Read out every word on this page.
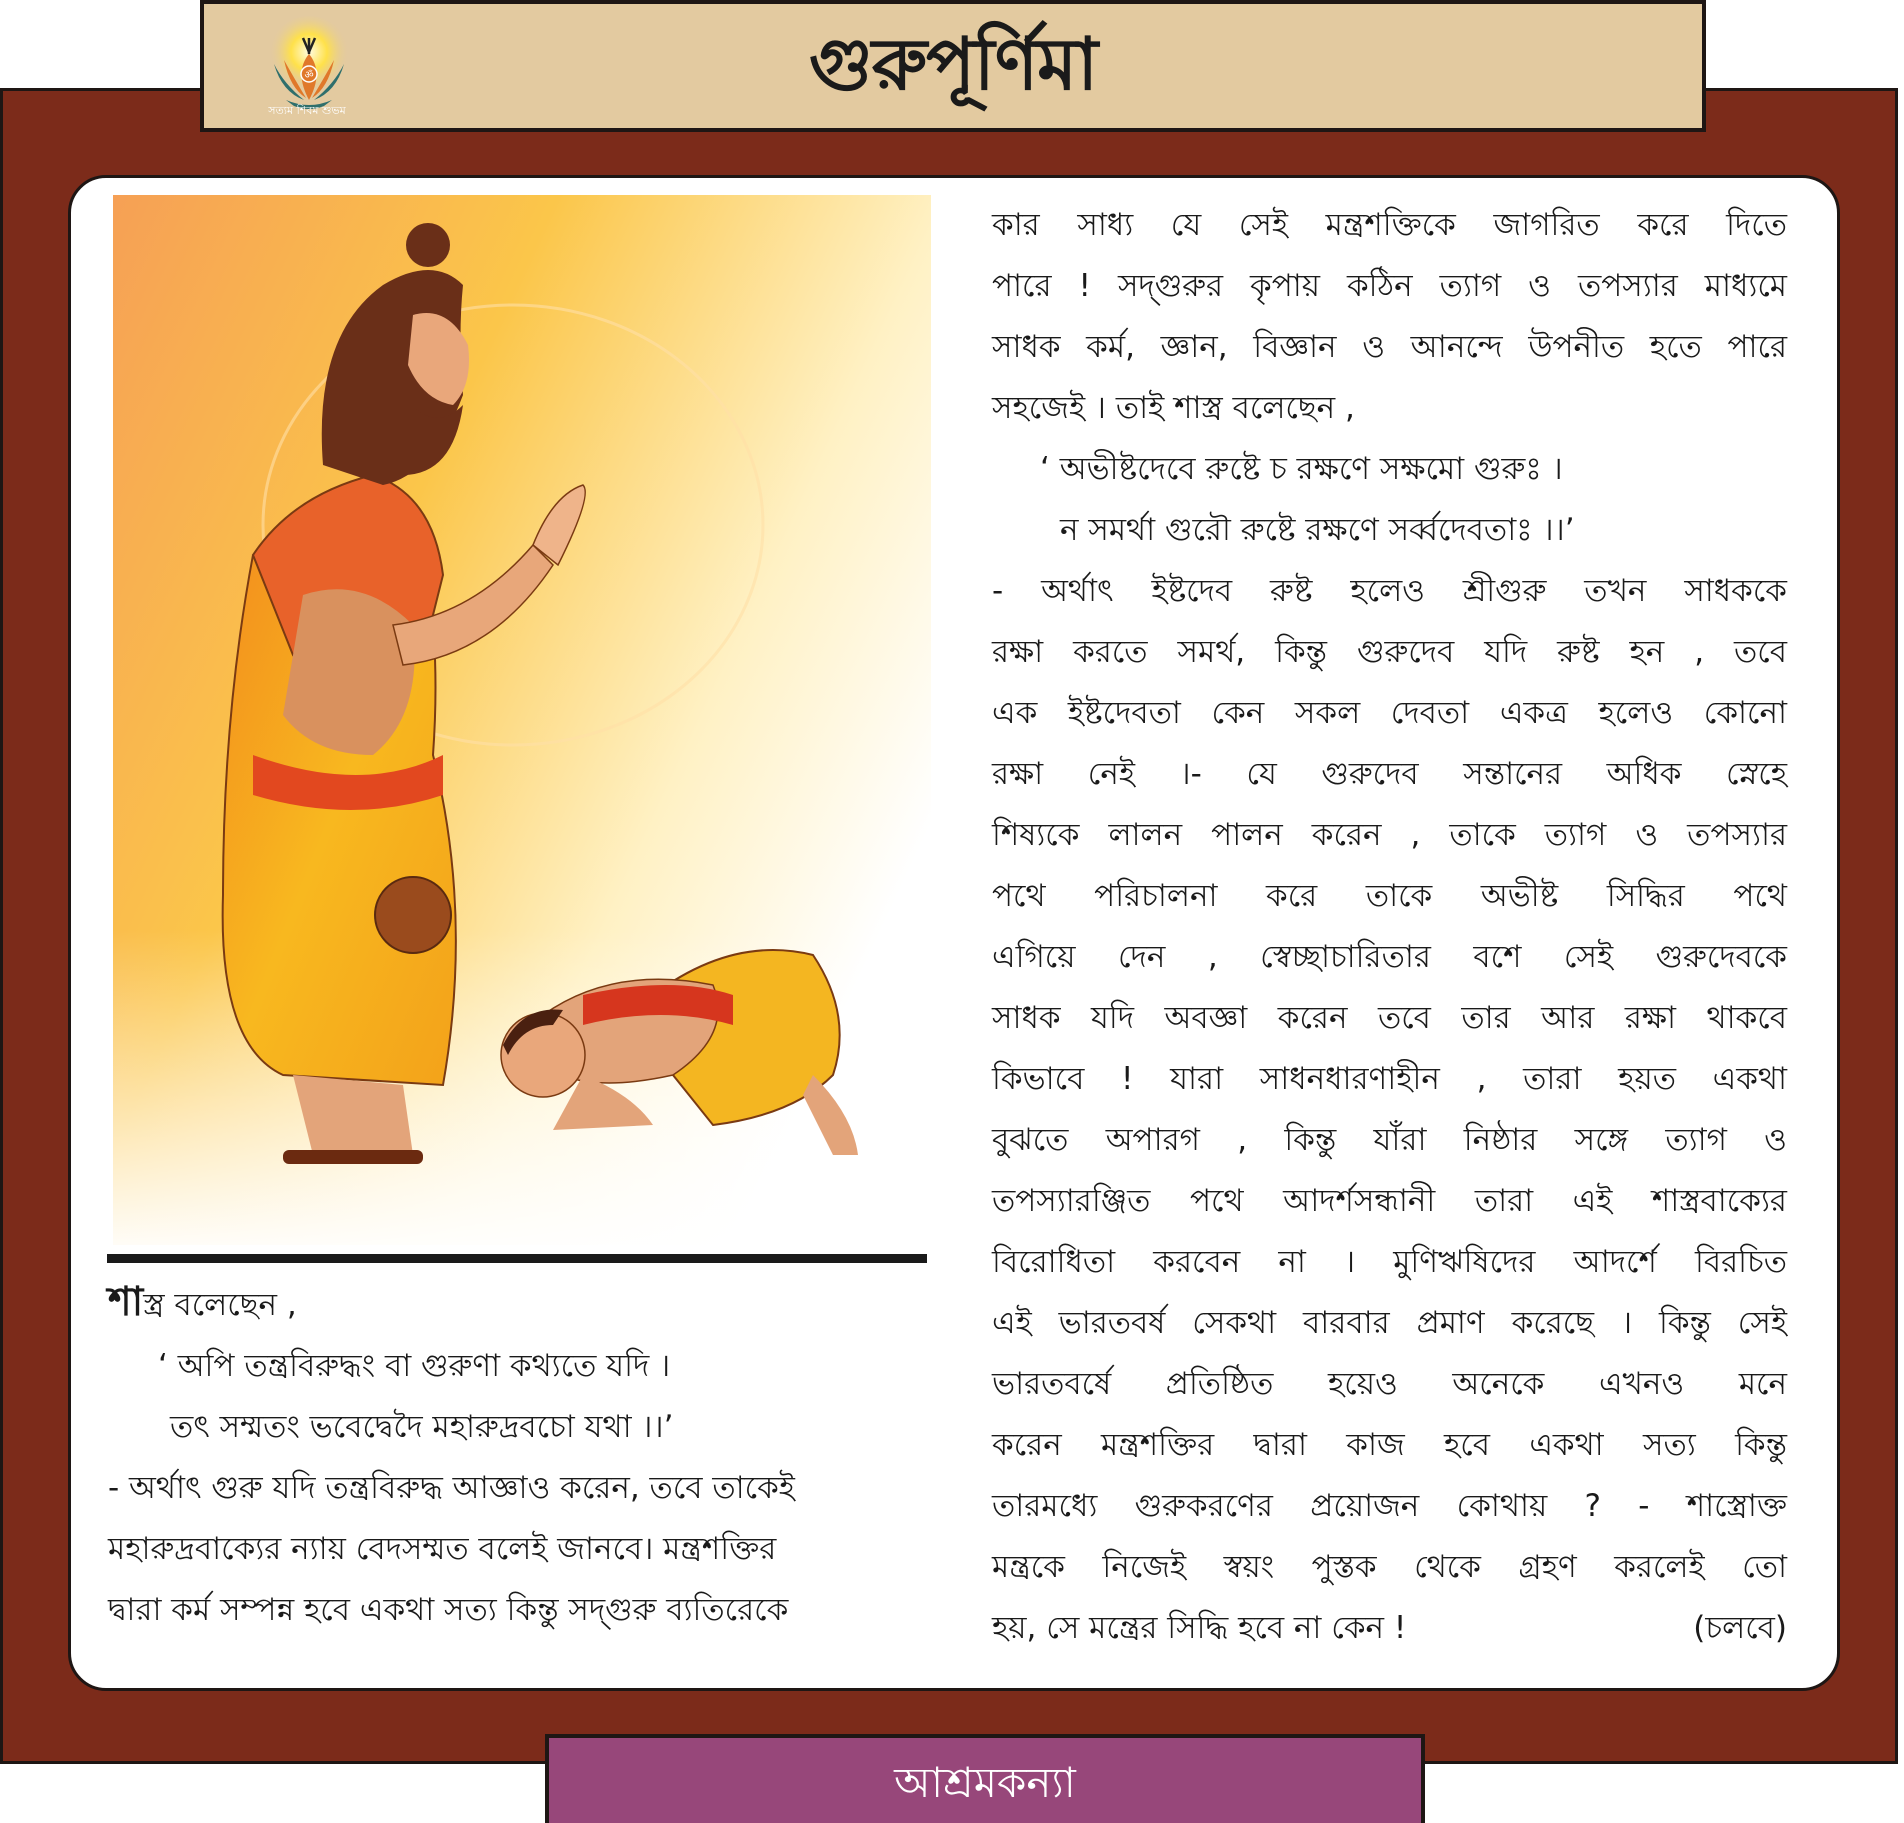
ॐ
সত্যম শিবম শুভম
গুরুপূর্ণিমা
শাস্ত্র বলেছেন ,
‘ অপি তন্ত্রবিরুদ্ধং বা গুরুণা কথ্যতে যদি ।
তৎ সম্মতং ভবেদ্বেদৈ মহারুদ্রবচো যথা ।।’
- অর্থাৎ গুরু যদি তন্ত্রবিরুদ্ধ আজ্ঞাও করেন, তবে তাকেই
মহারুদ্রবাক্যের ন্যায় বেদসম্মত বলেই জানবে। মন্ত্রশক্তির
দ্বারা কর্ম সম্পন্ন হবে একথা সত্য কিন্তু সদ্গুরু ব্যতিরেকে
কার সাধ্য যে সেই মন্ত্রশক্তিকে জাগরিত করে দিতে
পারে ! সদ্গুরুর কৃপায় কঠিন ত্যাগ ও তপস্যার মাধ্যমে
সাধক কর্ম, জ্ঞান, বিজ্ঞান ও আনন্দে উপনীত হতে পারে
সহজেই । তাই শাস্ত্র বলেছেন ,
‘ অভীষ্টদেবে রুষ্টে চ রক্ষণে সক্ষমো গুরুঃ ।
ন সমর্থা গুরৌ রুষ্টে রক্ষণে সর্ব্বদেবতাঃ ।।’
- অর্থাৎ ইষ্টদেব রুষ্ট হলেও শ্রীগুরু তখন সাধককে
রক্ষা করতে সমর্থ, কিন্তু গুরুদেব যদি রুষ্ট হন , তবে
এক ইষ্টদেবতা কেন সকল দেবতা একত্র হলেও কোনো
রক্ষা নেই ।- যে গুরুদেব সন্তানের অধিক স্নেহে
শিষ্যকে লালন পালন করেন , তাকে ত্যাগ ও তপস্যার
পথে পরিচালনা করে তাকে অভীষ্ট সিদ্ধির পথে
এগিয়ে দেন , স্বেচ্ছাচারিতার বশে সেই গুরুদেবকে
সাধক যদি অবজ্ঞা করেন তবে তার আর রক্ষা থাকবে
কিভাবে ! যারা সাধনধারণাহীন , তারা হয়ত একথা
বুঝতে অপারগ , কিন্তু যাঁরা নিষ্ঠার সঙ্গে ত্যাগ ও
তপস্যারঞ্জিত পথে আদর্শসন্ধানী তারা এই শাস্ত্রবাক্যের
বিরোধিতা করবেন না । মুণিঋষিদের আদর্শে বিরচিত
এই ভারতবর্ষ সেকথা বারবার প্রমাণ করেছে । কিন্তু সেই
ভারতবর্ষে প্রতিষ্ঠিত হয়েও অনেকে এখনও মনে
করেন মন্ত্রশক্তির দ্বারা কাজ হবে একথা সত্য কিন্তু
তারমধ্যে গুরুকরণের প্রয়োজন কোথায় ? - শাস্ত্রোক্ত
মন্ত্রকে নিজেই স্বয়ং পুস্তক থেকে গ্রহণ করলেই তো
হয়, সে মন্ত্রের সিদ্ধি হবে না কেন !	(চলবে)
আশ্রমকন্যা
